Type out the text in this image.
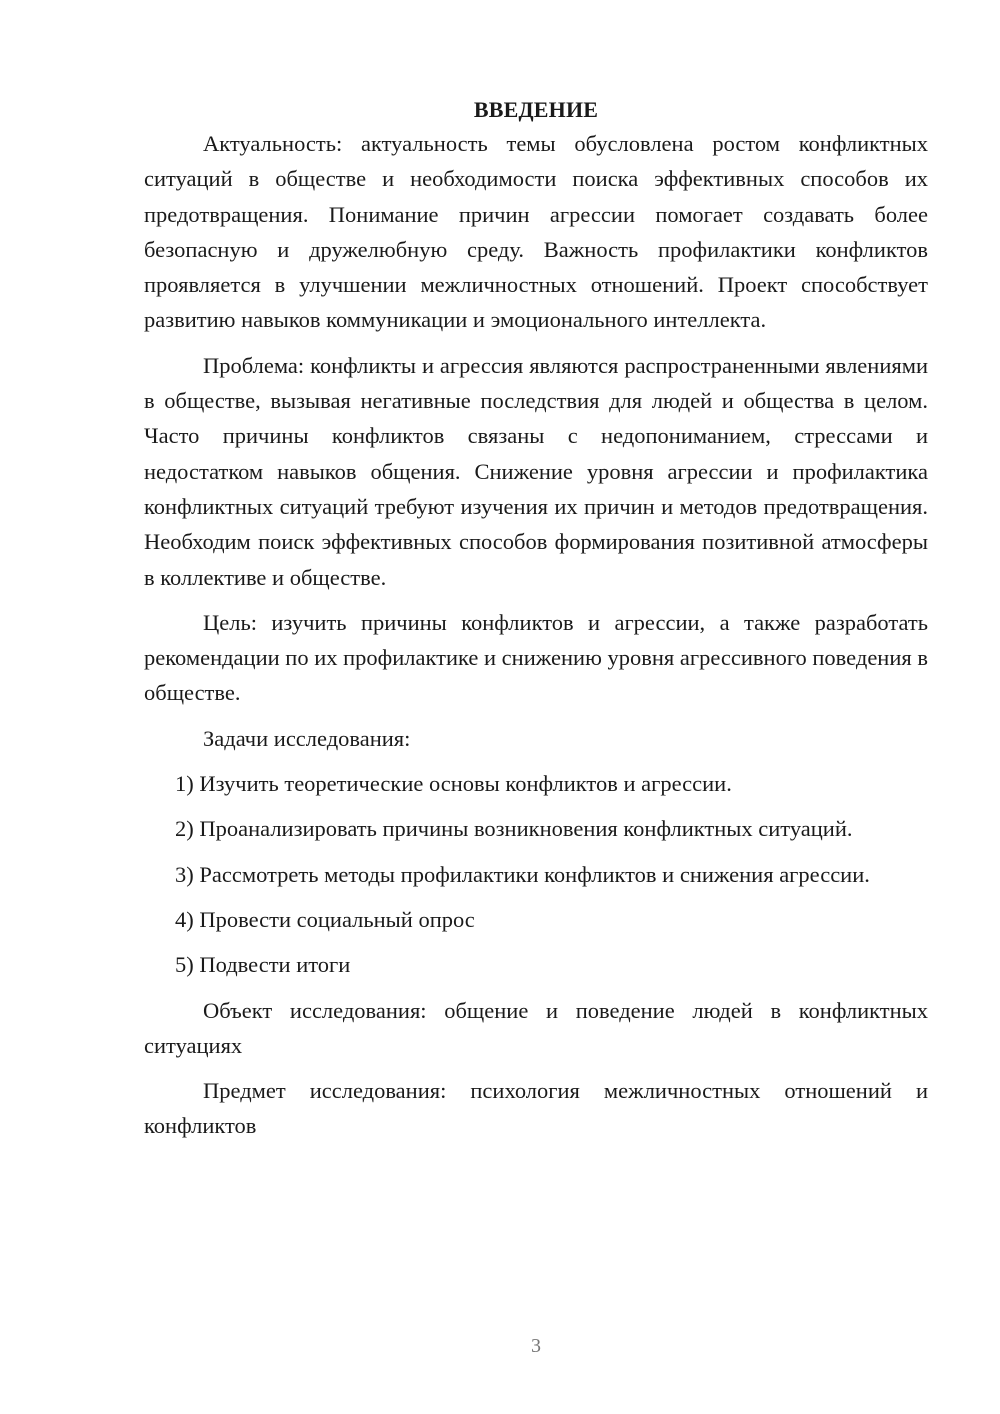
ВВЕДЕНИЕ

Актуальность: актуальность темы обусловлена ростом конфликтных ситуаций в обществе и необходимости поиска эффективных способов их предотвращения. Понимание причин агрессии помогает создавать более безопасную и дружелюбную среду. Важность профилактики конфликтов проявляется в улучшении межличностных отношений. Проект способствует развитию навыков коммуникации и эмоционального интеллекта.

Проблема: конфликты и агрессия являются распространенными явлениями в обществе, вызывая негативные последствия для людей и общества в целом. Часто причины конфликтов связаны с недопониманием, стрессами и недостатком навыков общения. Снижение уровня агрессии и профилактика конфликтных ситуаций требуют изучения их причин и методов предотвращения. Необходим поиск эффективных способов формирования позитивной атмосферы в коллективе и обществе.

Цель: изучить причины конфликтов и агрессии, а также разработать рекомендации по их профилактике и снижению уровня агрессивного поведения в обществе.

Задачи исследования:

1) Изучить теоретические основы конфликтов и агрессии.

2) Проанализировать причины возникновения конфликтных ситуаций.

3) Рассмотреть методы профилактики конфликтов и снижения агрессии.

4) Провести социальный опрос

5) Подвести итоги

Объект исследования: общение и поведение людей в конфликтных ситуациях

Предмет исследования: психология межличностных отношений и конфликтов

3
